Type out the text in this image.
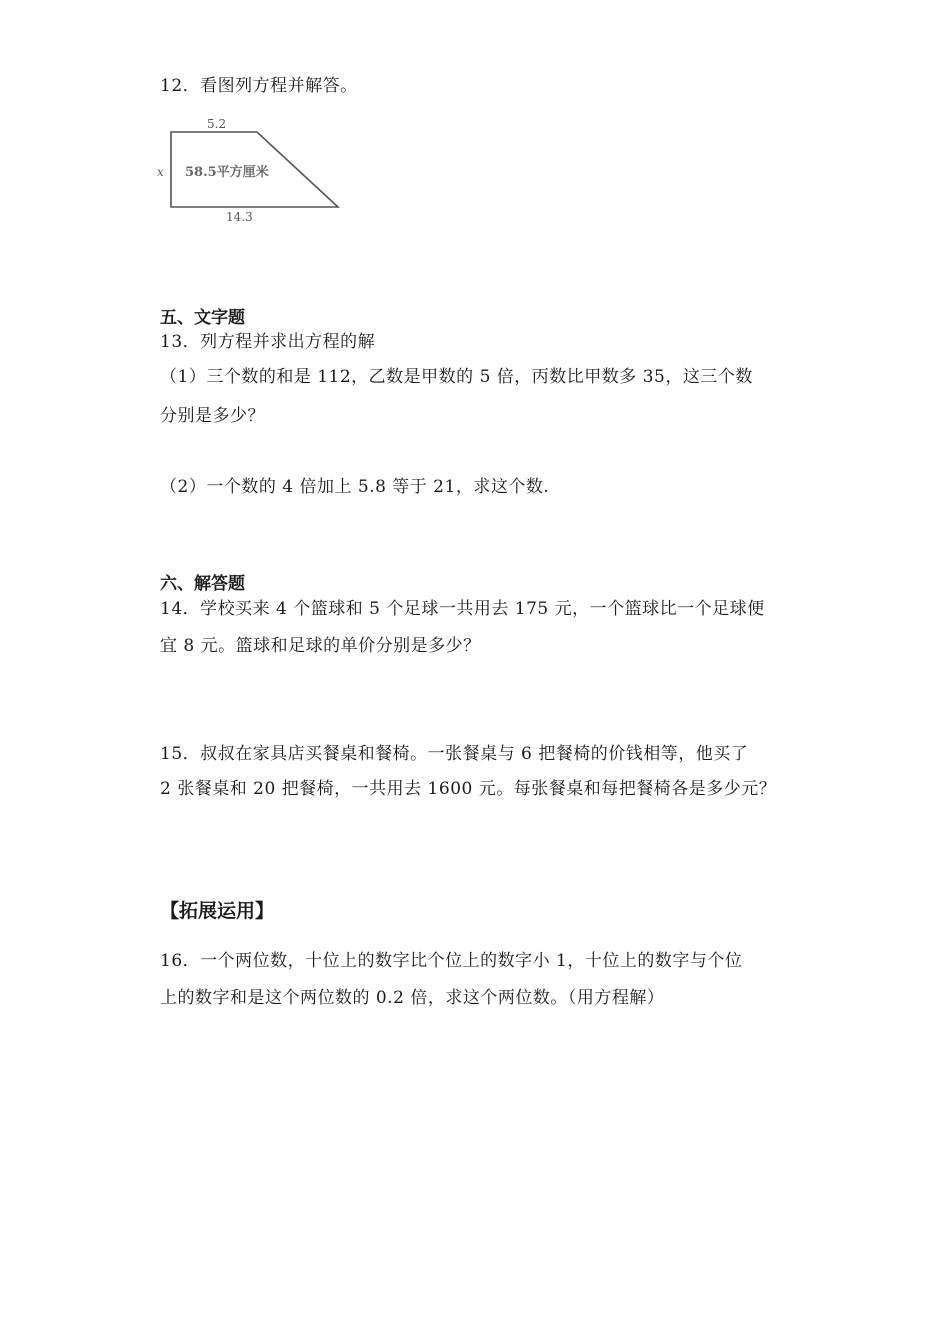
12．看图列方程并解答。
5.2
x 58.5平方厘米
14.3
五、文字题
13．列方程并求出方程的解
（1）三个数的和是 112，乙数是甲数的 5 倍，丙数比甲数多 35，这三个数
分别是多少？
（2）一个数的 4 倍加上 5.8 等于 21，求这个数.
六、解答题
14．学校买来 4 个篮球和 5 个足球一共用去 175 元，一个篮球比一个足球便
宜 8 元。篮球和足球的单价分别是多少？
15．叔叔在家具店买餐桌和餐椅。一张餐桌与 6 把餐椅的价钱相等，他买了
2 张餐桌和 20 把餐椅，一共用去 1600 元。每张餐桌和每把餐椅各是多少元？
【拓展运用】
16．一个两位数，十位上的数字比个位上的数字小 1，十位上的数字与个位
上的数字和是这个两位数的 0.2 倍，求这个两位数。（用方程解）
